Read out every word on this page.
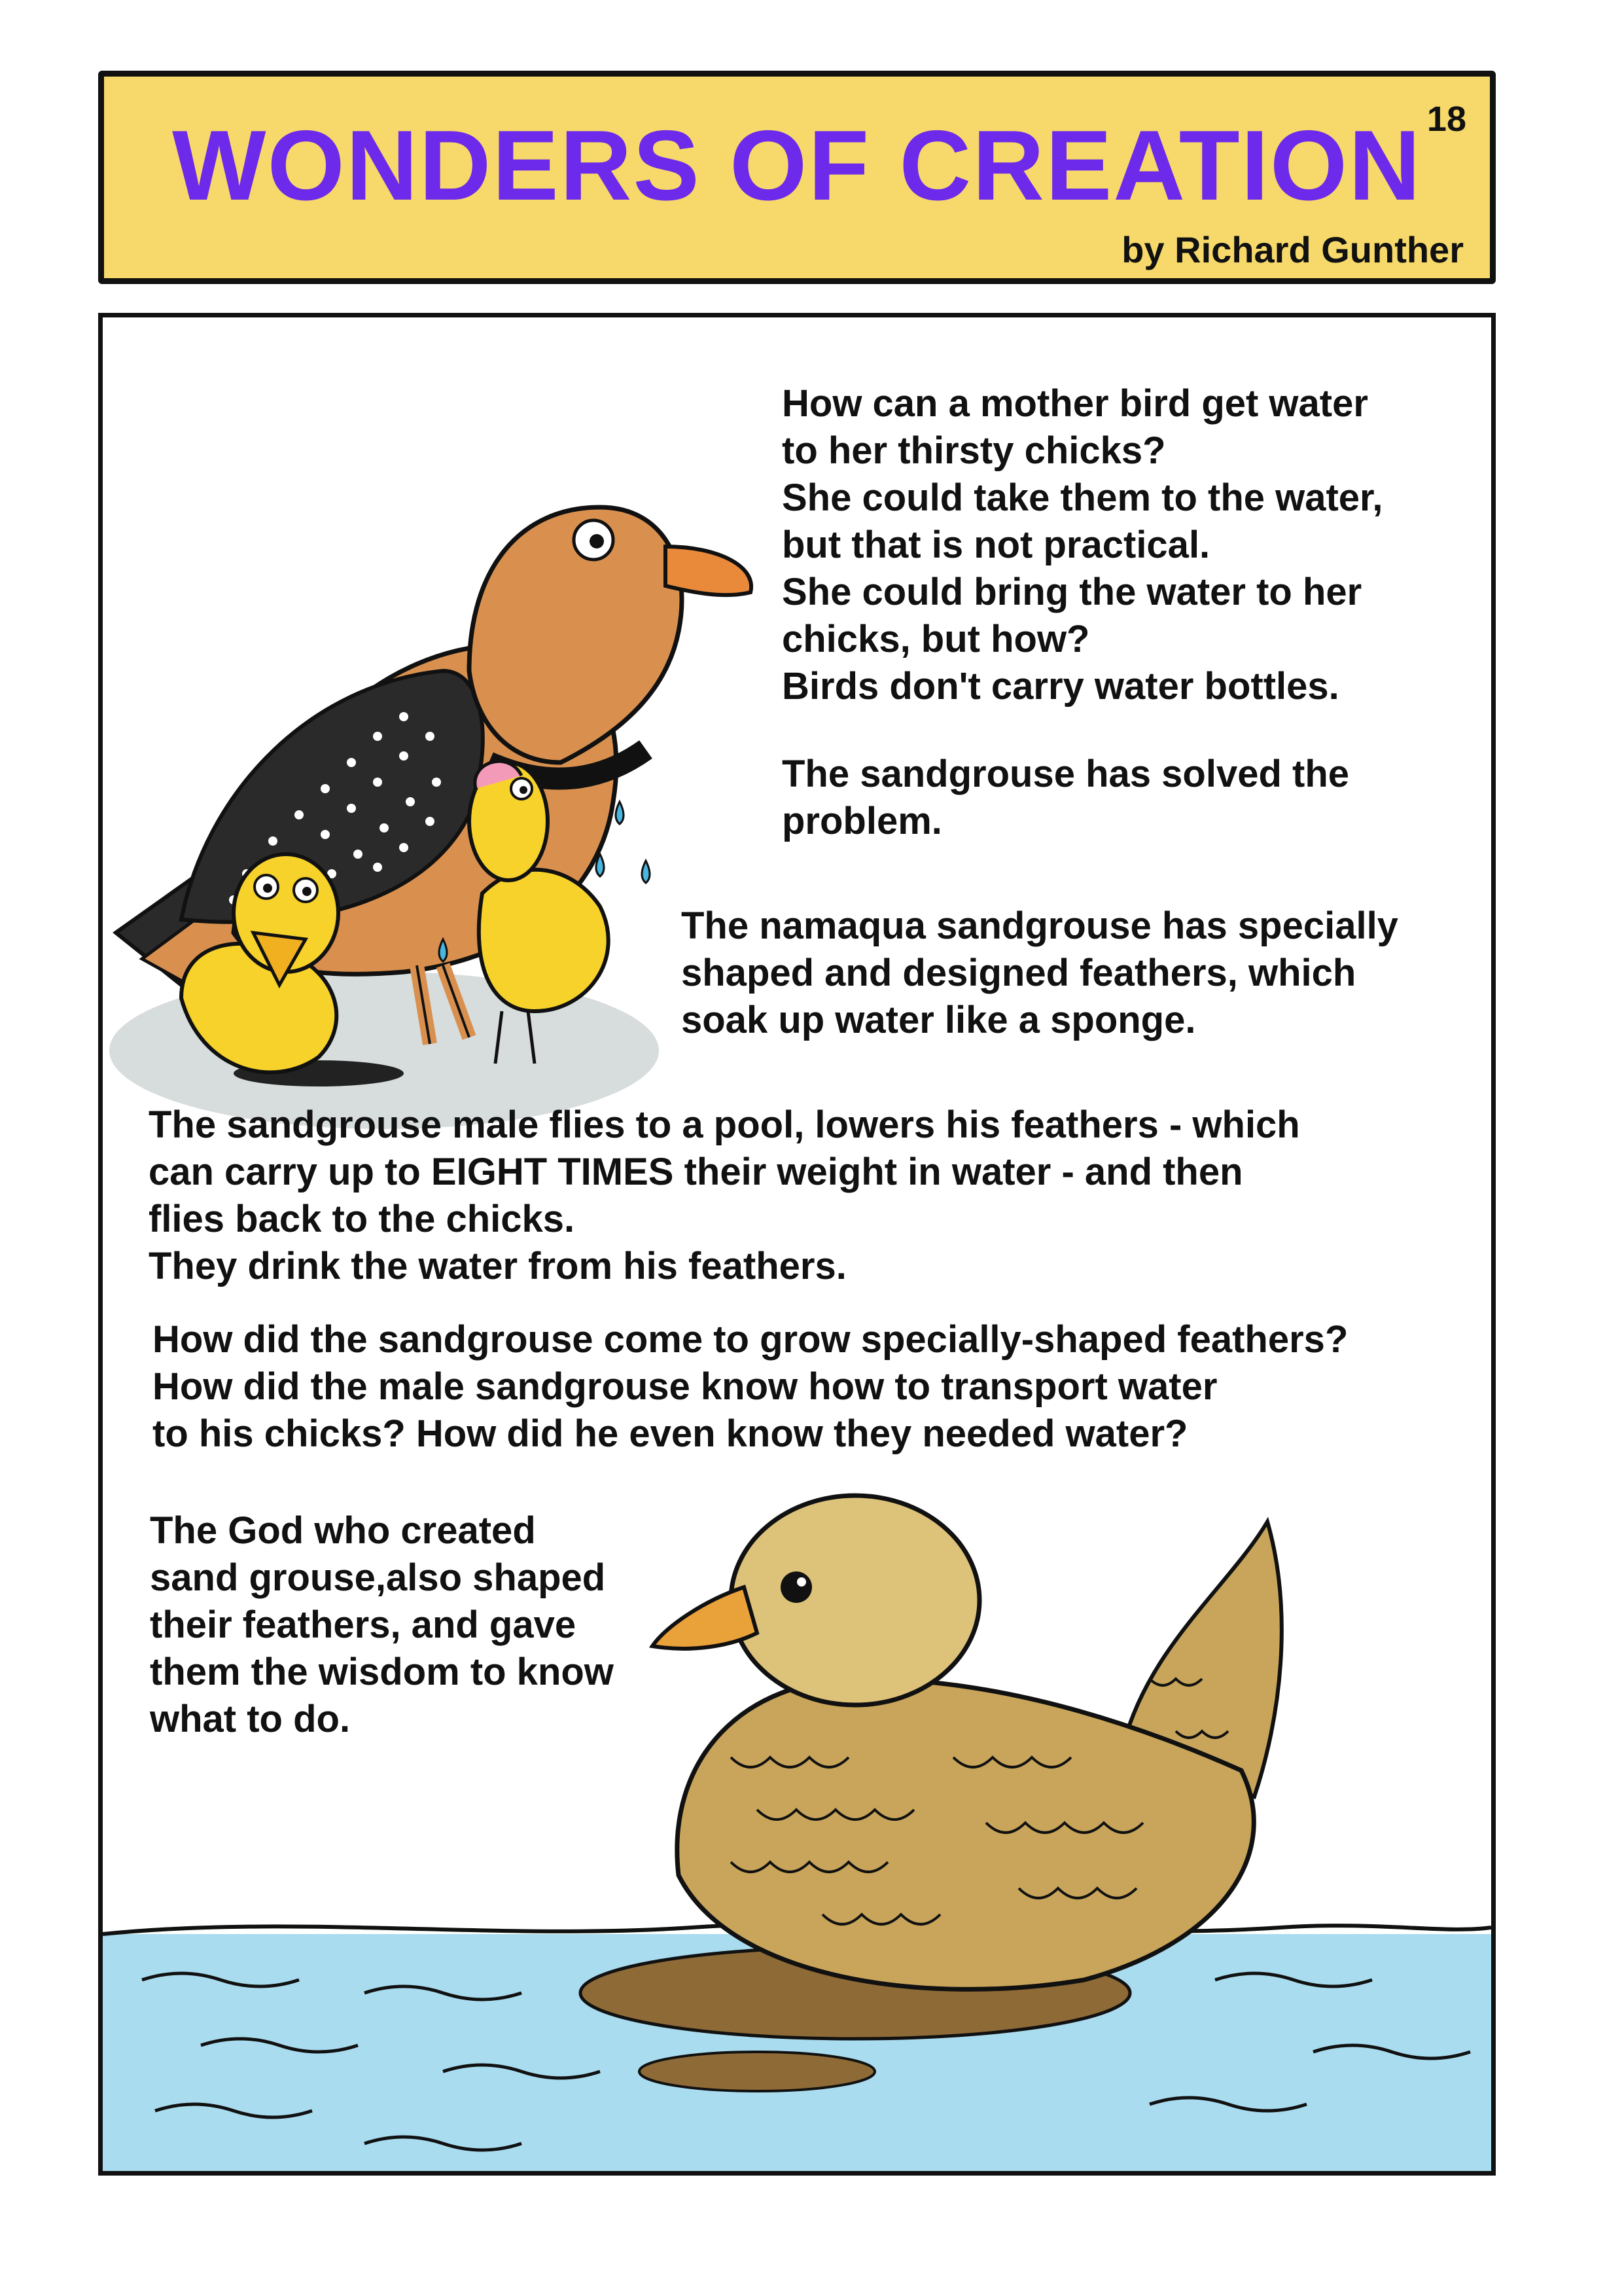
WONDERS OF CREATION 18
by Richard Gunther
How can a mother bird get water
to her thirsty chicks?
She could take them to the water,
but that is not practical.
She could bring the water to her
chicks, but how?
Birds don't carry water bottles.
The sandgrouse has solved the
problem.
The namaqua sandgrouse has specially
shaped and designed feathers, which
soak up water like a sponge.
The sandgrouse male flies to a pool, lowers his feathers - which
can carry up to EIGHT TIMES their weight in water - and then
flies back to the chicks.
They drink the water from his feathers.
How did the sandgrouse come to grow specially-shaped feathers?
How did the male sandgrouse know how to transport water
to his chicks? How did he even know they needed water?
The God who created
sand grouse,also shaped
their feathers, and gave
them the wisdom to know
what to do.
